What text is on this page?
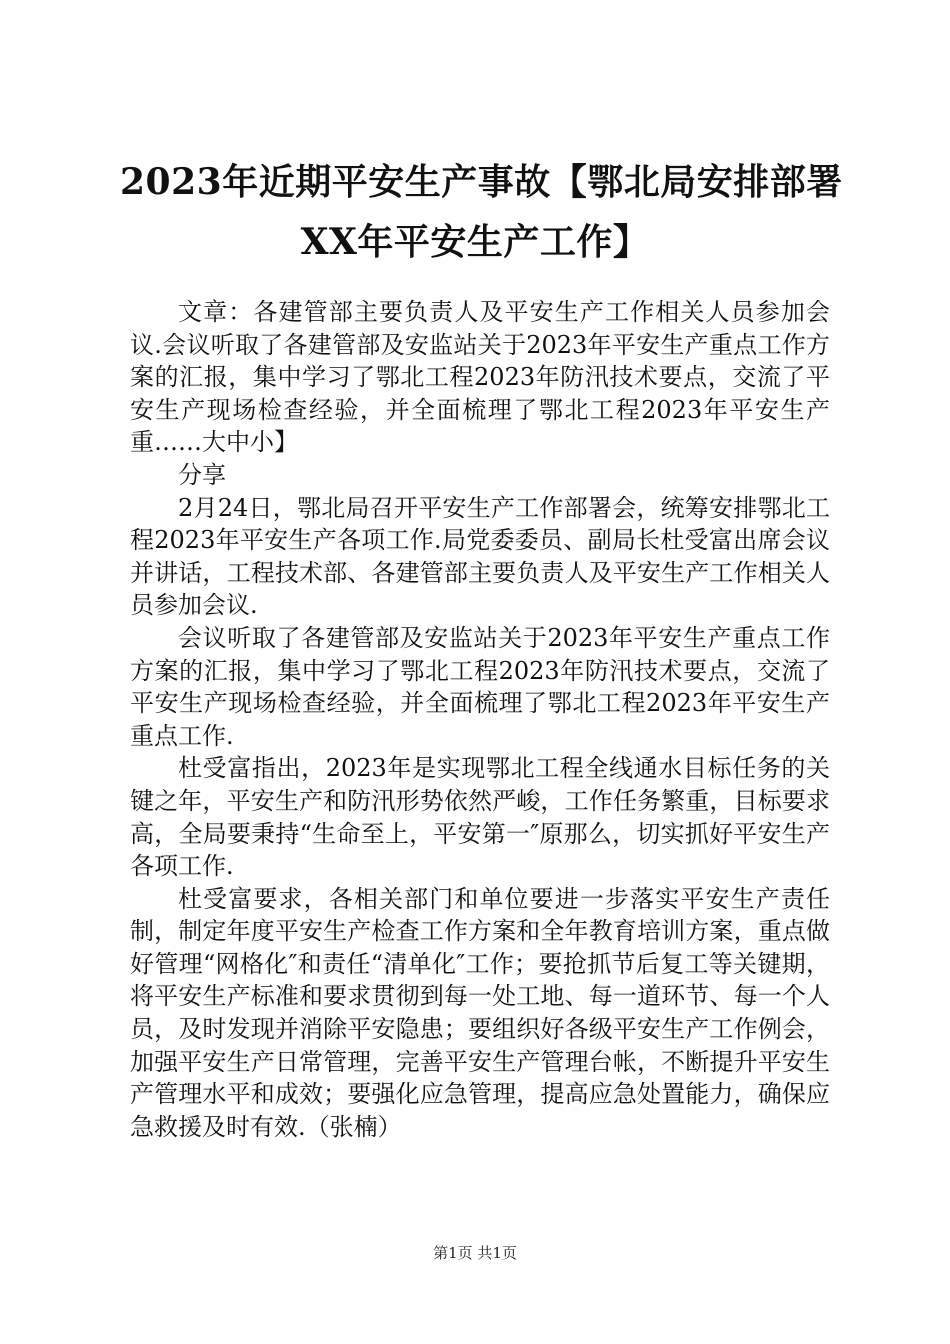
2023年近期平安生产事故【鄂北局安排部署
XX年平安生产工作】

文章：各建管部主要负责人及平安生产工作相关人员参加会议.会议听取了各建管部及安监站关于2023年平安生产重点工作方案的汇报，集中学习了鄂北工程2023年防汛技术要点，交流了平安生产现场检查经验，并全面梳理了鄂北工程2023年平安生产重……大中小】

分享

2月24日，鄂北局召开平安生产工作部署会，统筹安排鄂北工程2023年平安生产各项工作.局党委委员、副局长杜受富出席会议并讲话，工程技术部、各建管部主要负责人及平安生产工作相关人员参加会议.

会议听取了各建管部及安监站关于2023年平安生产重点工作方案的汇报，集中学习了鄂北工程2023年防汛技术要点，交流了平安生产现场检查经验，并全面梳理了鄂北工程2023年平安生产重点工作.

杜受富指出，2023年是实现鄂北工程全线通水目标任务的关键之年，平安生产和防汛形势依然严峻，工作任务繁重，目标要求高，全局要秉持“生命至上，平安第一″原那么，切实抓好平安生产各项工作.

杜受富要求，各相关部门和单位要进一步落实平安生产责任制，制定年度平安生产检查工作方案和全年教育培训方案，重点做好管理“网格化″和责任“清单化″工作；要抢抓节后复工等关键期，将平安生产标准和要求贯彻到每一处工地、每一道环节、每一个人员，及时发现并消除平安隐患；要组织好各级平安生产工作例会，加强平安生产日常管理，完善平安生产管理台帐，不断提升平安生产管理水平和成效；要强化应急管理，提高应急处置能力，确保应急救援及时有效.（张楠）

第1页 共1页
